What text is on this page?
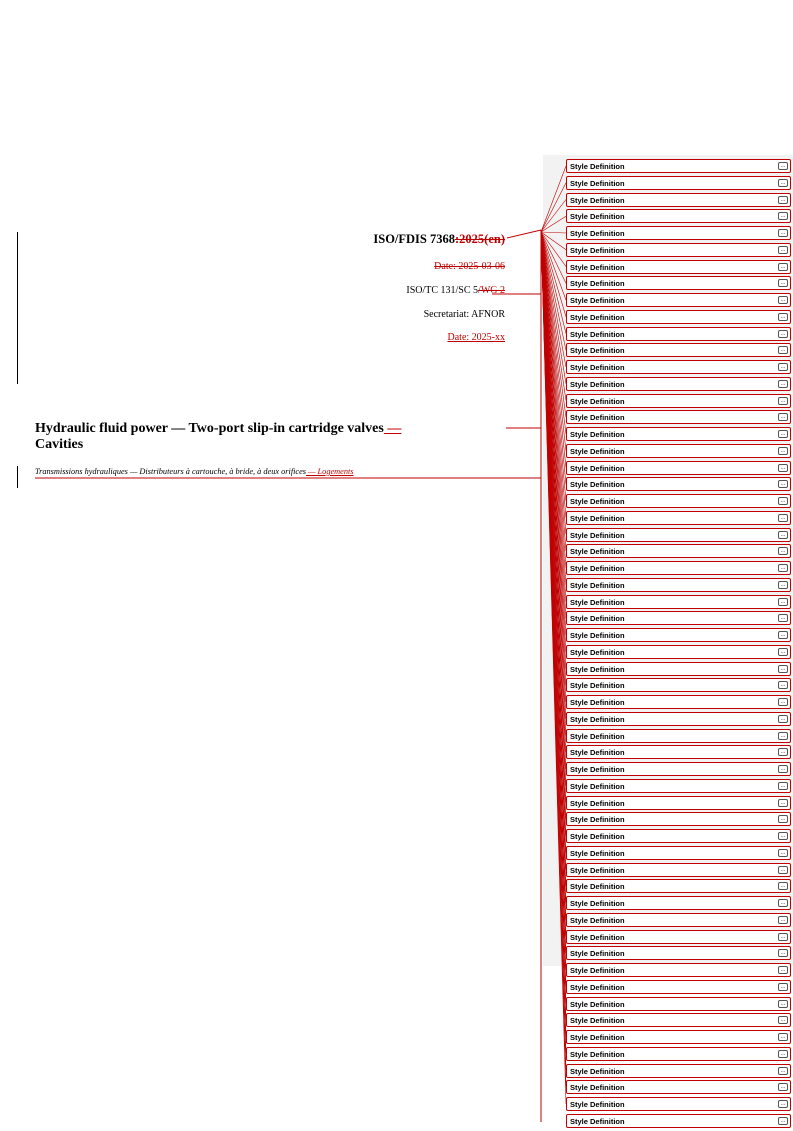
ISO/FDIS 7368:2025(en)
Date: 2025-03-06
ISO/TC 131/SC 5/WG 2
Secretariat: AFNOR
Date: 2025-xx
Hydraulic fluid power — Two-port slip-in cartridge valves —
Cavities
Transmissions hydrauliques — Distributeurs à cartouche, à bride, à deux orifices — Logements
Style Definition	...
Style Definition	...
Style Definition	...
Style Definition	...
Style Definition	...
Style Definition	...
Style Definition	...
Style Definition	...
Style Definition	...
Style Definition	...
Style Definition	...
Style Definition	...
Style Definition	...
Style Definition	...
Style Definition	...
Style Definition	...
Style Definition	...
Style Definition	...
Style Definition	...
Style Definition	...
Style Definition	...
Style Definition	...
Style Definition	...
Style Definition	...
Style Definition	...
Style Definition	...
Style Definition	...
Style Definition	...
Style Definition	...
Style Definition	...
Style Definition	...
Style Definition	...
Style Definition	...
Style Definition	...
Style Definition	...
Style Definition	...
Style Definition	...
Style Definition	...
Style Definition	...
Style Definition	...
Style Definition	...
Style Definition	...
Style Definition	...
Style Definition	...
Style Definition	...
Style Definition	...
Style Definition	...
Style Definition	...
Style Definition	...
Style Definition	...
Style Definition	...
Style Definition	...
Style Definition	...
Style Definition	...
Style Definition	...
Style Definition	...
Style Definition	...
Style Definition	...
